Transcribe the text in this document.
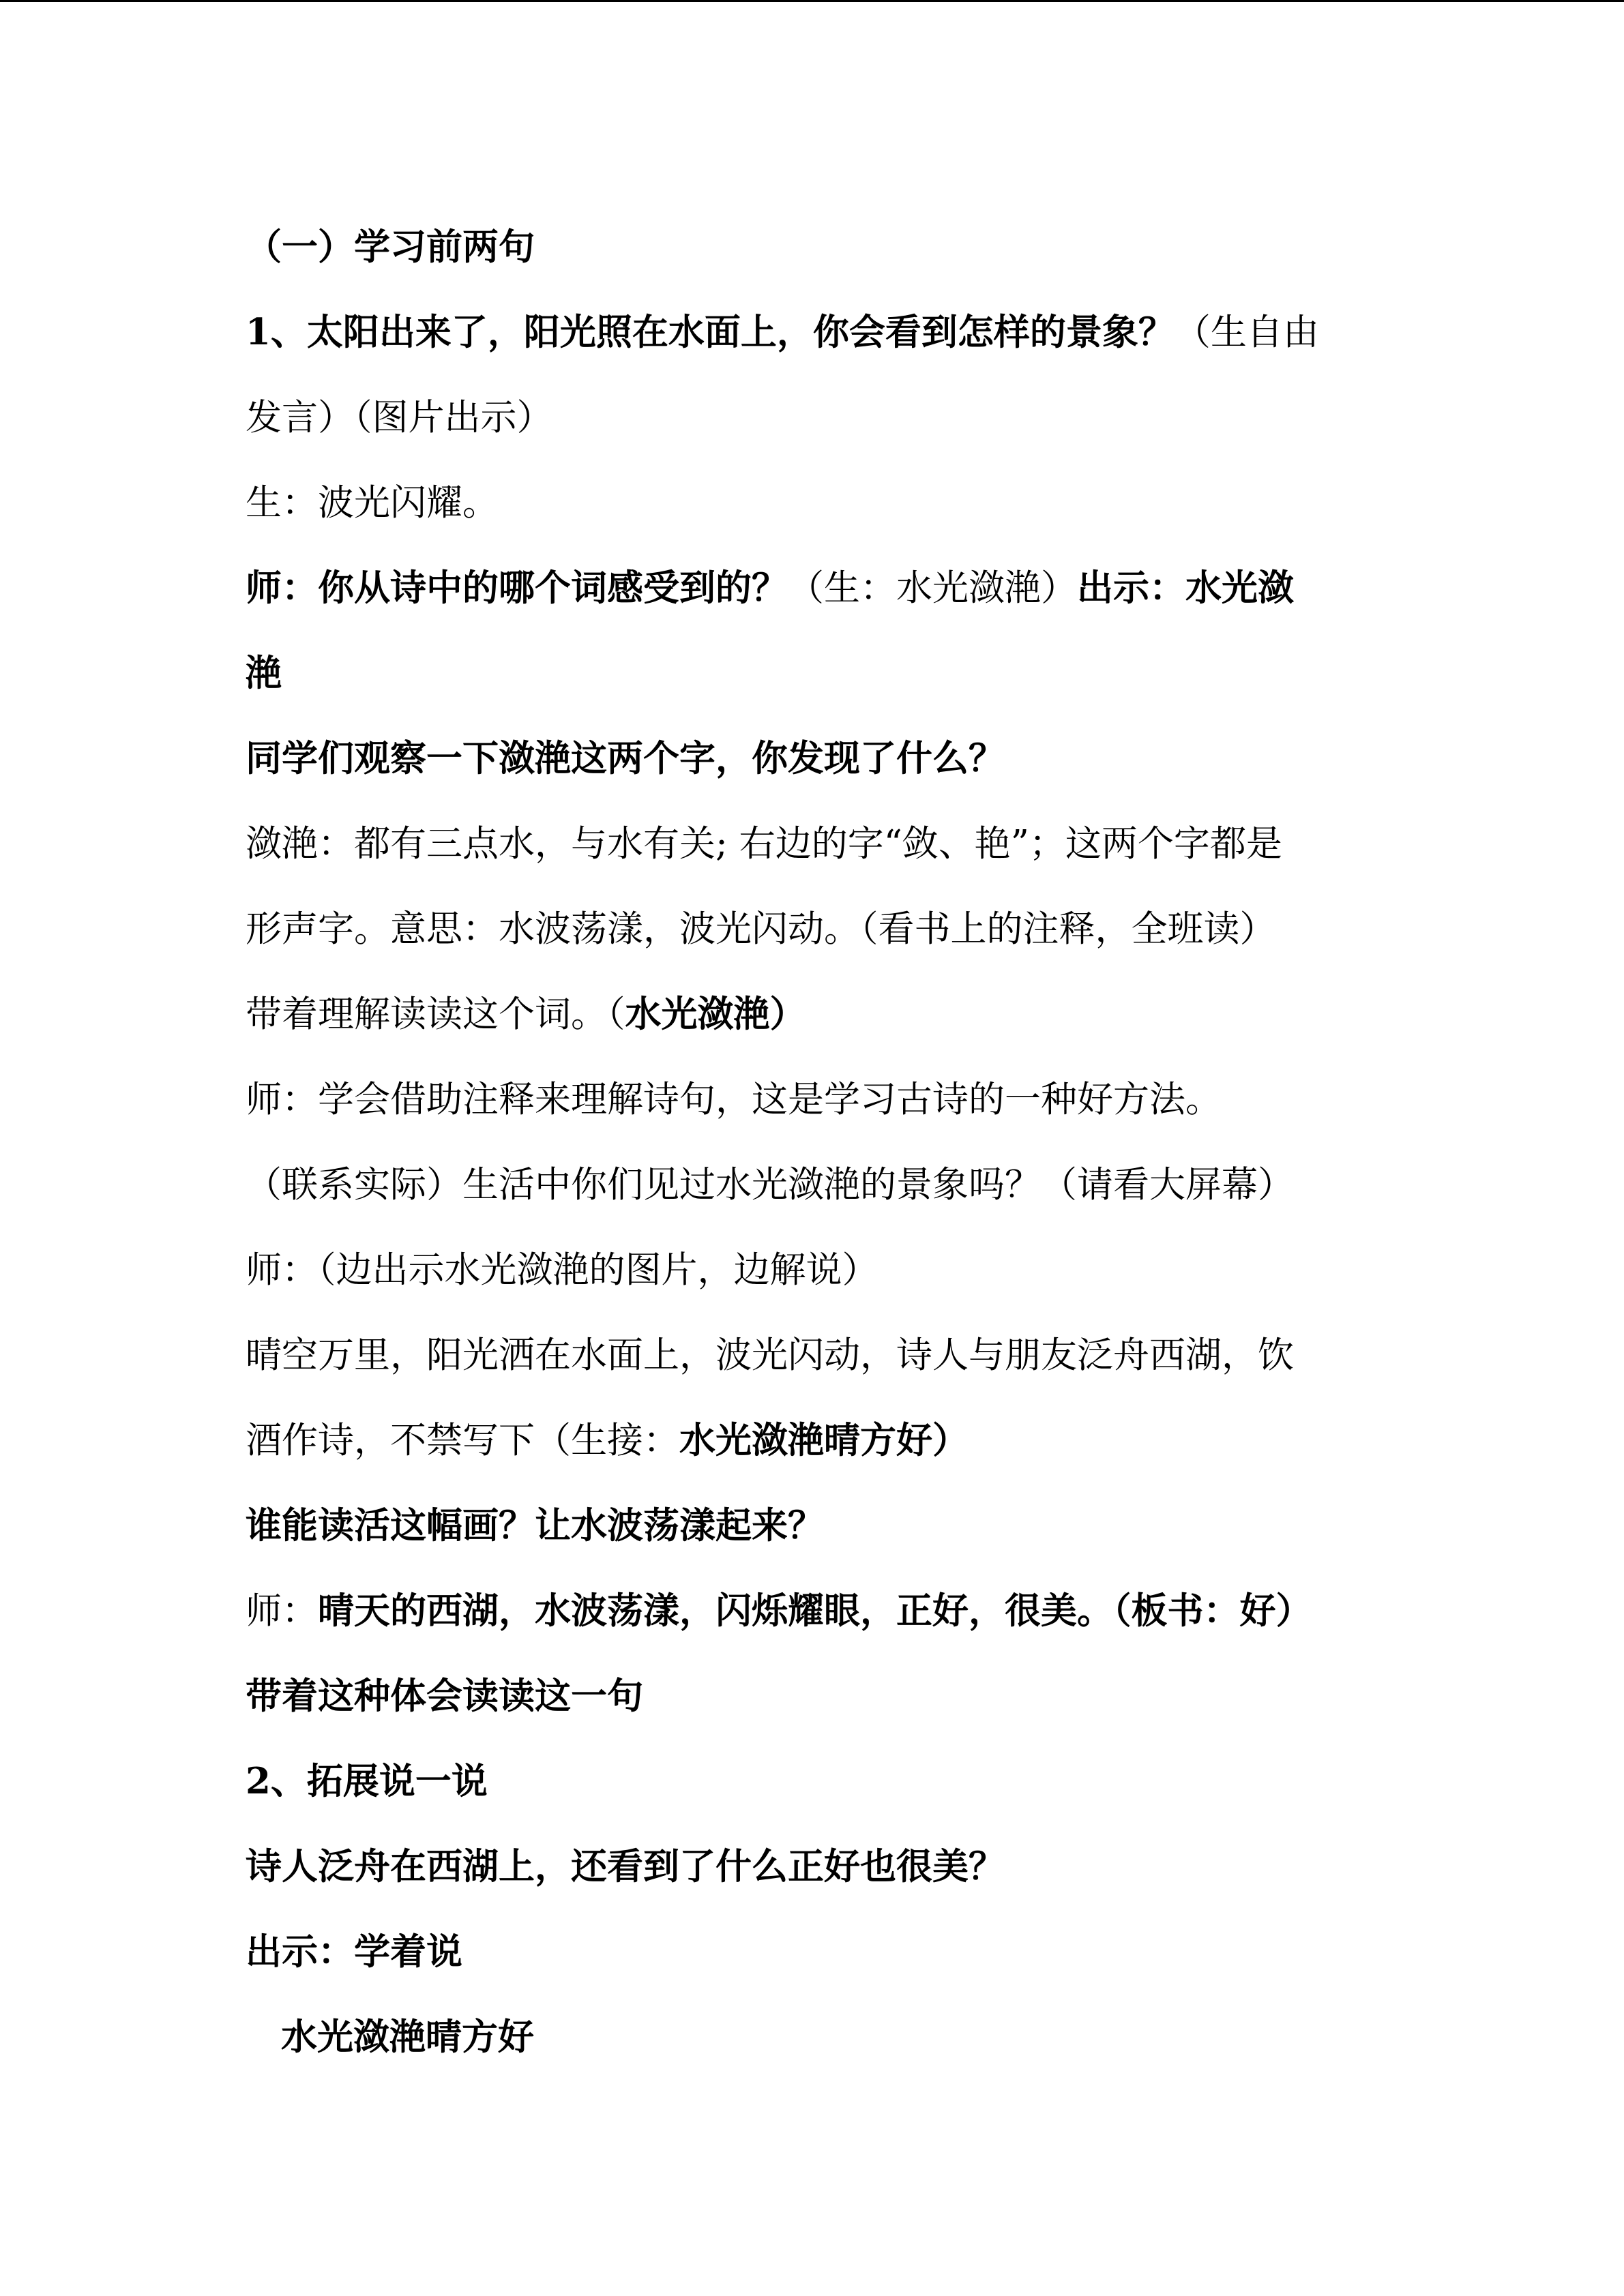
（一）学习前两句
1、太阳出来了，阳光照在水面上，你会看到怎样的景象？（生自由
发言）（图片出示）
生：波光闪耀。
师：你从诗中的哪个词感受到的？（生：水光潋滟）出示：水光潋
滟
同学们观察一下潋滟这两个字，你发现了什么？
潋滟：都有三点水，与水有关; 右边的字“敛、艳”；这两个字都是
形声字。意思：水波荡漾，波光闪动。（看书上的注释，全班读）
带着理解读读这个词。（水光潋滟）
师：学会借助注释来理解诗句，这是学习古诗的一种好方法。
（联系实际）生活中你们见过水光潋滟的景象吗？（请看大屏幕）
师：（边出示水光潋滟的图片，边解说）
晴空万里，阳光洒在水面上，波光闪动，诗人与朋友泛舟西湖，饮
酒作诗，不禁写下（生接：水光潋滟晴方好）
谁能读活这幅画？让水波荡漾起来？
师：晴天的西湖，水波荡漾，闪烁耀眼，正好，很美。（板书：好）
带着这种体会读读这一句
2、拓展说一说
诗人泛舟在西湖上，还看到了什么正好也很美？
出示：学着说
水光潋滟晴方好
